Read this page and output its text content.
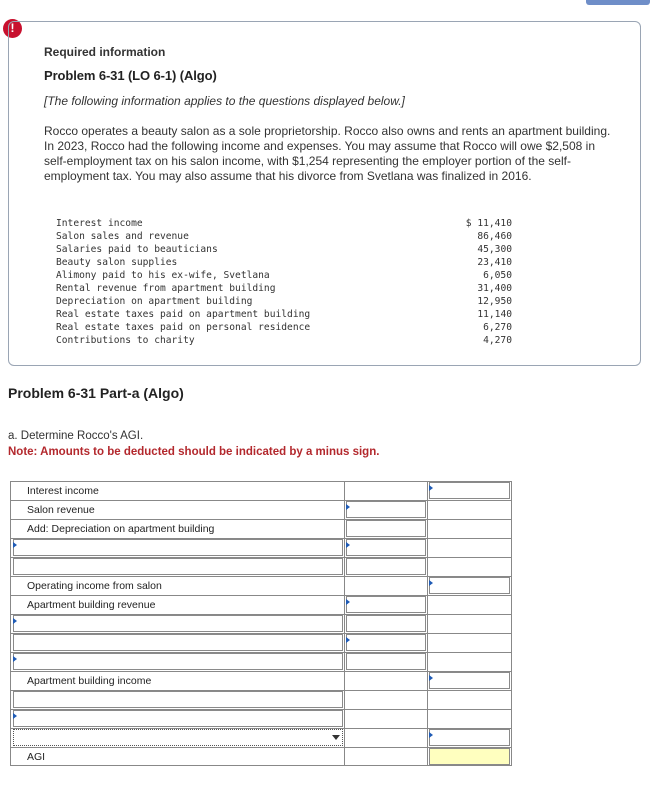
!
Required information
Problem 6-31 (LO 6-1) (Algo)
[The following information applies to the questions displayed below.]
Rocco operates a beauty salon as a sole proprietorship. Rocco also owns and rents an apartment building. In 2023, Rocco had the following income and expenses. You may assume that Rocco will owe $2,508 in self-employment tax on his salon income, with $1,254 representing the employer portion of the self-employment tax. You may also assume that his divorce from Svetlana was finalized in 2016.
Interest income	$ 11,410
Salon sales and revenue	86,460
Salaries paid to beauticians	45,300
Beauty salon supplies	23,410
Alimony paid to his ex-wife, Svetlana	6,050
Rental revenue from apartment building	31,400
Depreciation on apartment building	12,950
Real estate taxes paid on apartment building	11,140
Real estate taxes paid on personal residence	6,270
Contributions to charity	4,270
Problem 6-31 Part-a (Algo)
a. Determine Rocco's AGI.
Note: Amounts to be deducted should be indicated by a minus sign.
Interest income
Salon revenue
Add: Depreciation on apartment building
Operating income from salon
Apartment building revenue
Apartment building income
AGI
